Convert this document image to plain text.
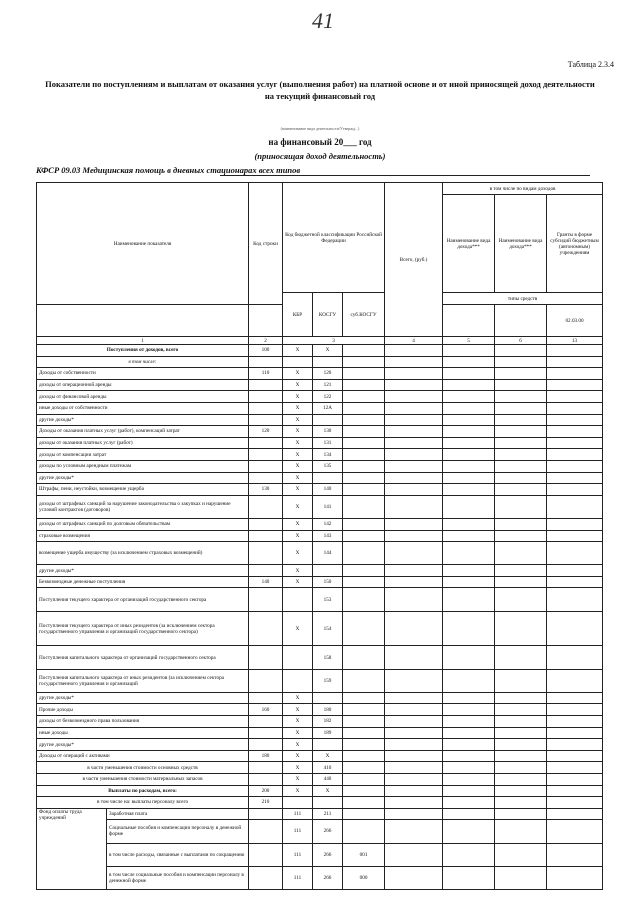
41
Таблица 2.3.4
Показатели по поступлениям и выплатам от оказания услуг (выполнения работ) на платной основе и от иной приносящей доход деятельности на текущий финансовый год
(наименование вида деятельности/Утвержд...)
на финансовый 20___ год
(приносящая доход деятельность)
КФСР 09.03 Медицинская помощь в дневных стационарах всех типов
Наименование показателя		Код строки	Код бюджетной классификации Российской Федерации			Всего, (руб.)	в том числе по видам доходов		
							Наименование вида дохода***	Наименование вида дохода***	Гранты в форме субсидий бюджетным (автономным) учреждениям
			КБР	КОСГУ	суб.КОСГУ		типы средств		
									02.03.00
1		2	3			4	5	6	13
Поступления от доходов, всего		100	X	X					
в том числе:									
Доходы от собственности		110	X	120					
доходы от операционной аренды			X	121					
доходы от финансовой аренды			X	122					
иные доходы от собственности			X	12A					
другие доходы*			X						
Доходы от оказания платных услуг (работ), компенсаций затрат		120	X	130					
доходы от оказания платных услуг (работ)			X	131					
доходы от компенсации затрат			X	134					
доходы по условным арендным платежам			X	135					
другие доходы*			X						
Штрафы, пени, неустойки, возмещение ущерба		130	X	140					
доходы от штрафных санкций за нарушение законодательства о закупках и нарушение условий контрактов (договоров)			X	141					
доходы от штрафных санкций по долговым обязательствам			X	142					
страховые возмещения			X	143					
возмещение ущерба имуществу (за исключением страховых возмещений)			X	144					
другие доходы*			X						
Безвозмездные денежные поступления		140	X	150					
Поступления текущего характера от организаций государственного сектора				153					
Поступления текущего характера от иных резидентов (за исключением сектора государственного управления и организаций государственного сектора)			X	154					
Поступления капитального характера от организаций государственного сектора				158					
Поступления капитального характера от иных резидентов (за исключением сектора государственного управления и организаций				159					
другие доходы*			X						
Прочие доходы		160	X	180					
доходы от безвозмездного права пользования			X	182					
иные доходы			X	189					
другие доходы*			X						
Доходы от операций с активами		180	X	X					
в части уменьшения стоимости основных средств			X	410					
в части уменьшения стоимости материальных запасов			X	440					
Выплаты по расходам, всего:		200	X	X					
в том числе на: выплаты персоналу всего		210							
Фонд оплаты труда учреждений	Заработная плата		111	211					
	Социальные пособия и компенсации персоналу в денежной форме		111	266					
	в том числе расходы, связанные с выплатами по сокращению		111	266	001				
	в том числе социальные пособия и компенсации персоналу в денежной форме		111	266	000				
